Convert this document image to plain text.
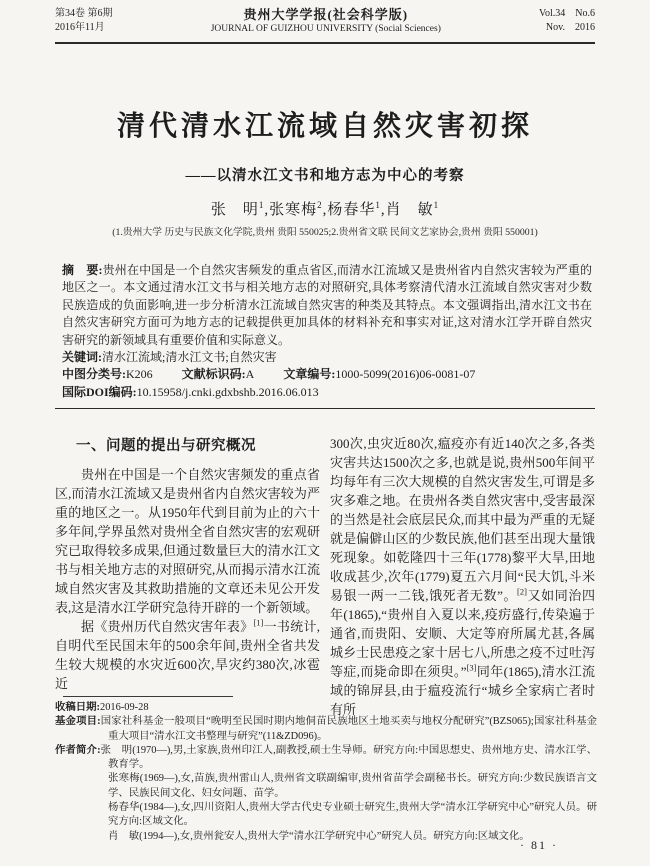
第34卷 第6期
2016年11月
贵州大学学报(社会科学版)
JOURNAL OF GUIZHOU UNIVERSITY (Social Sciences)
Vol.34　No.6
Nov.　2016
清代清水江流域自然灾害初探
——以清水江文书和地方志为中心的考察
张　明$^1$,张寒梅$^2$,杨春华$^1$,肖　敏$^1$
(1.贵州大学 历史与民族文化学院,贵州 贵阳 550025;2.贵州省文联 民间文艺家协会,贵州 贵阳 550001)

摘　要:贵州在中国是一个自然灾害频发的重点省区,而清水江流域又是贵州省内自然灾害较为严重的地区之一。本文通过清水江文书与相关地方志的对照研究,具体考察清代清水江流域自然灾害对少数民族造成的负面影响,进一步分析清水江流域自然灾害的种类及其特点。本文强调指出,清水江文书在自然灾害研究方面可为地方志的记载提供更加具体的材料补充和事实对证,这对清水江学开辟自然灾害研究的新领域具有重要价值和实际意义。

关键词:清水江流域;清水江文书;自然灾害

中图分类号:K206 文献标识码:A 文章编号:1000-5099(2016)06-0081-07

国际DOI编码:10.15958/j.cnki.gdxbshb.2016.06.013

一、问题的提出与研究概况

贵州在中国是一个自然灾害频发的重点省区,而清水江流域又是贵州省内自然灾害较为严重的地区之一。从1950年代到目前为止的六十多年间,学界虽然对贵州全省自然灾害的宏观研究已取得较多成果,但通过数量巨大的清水江文书与相关地方志的对照研究,从而揭示清水江流域自然灾害及其救助措施的文章还未见公开发表,这是清水江学研究急待开辟的一个新领域。

据《贵州历代自然灾害年表》[1]一书统计,自明代至民国末年的500余年间,贵州全省共发生较大规模的水灾近600次,旱灾约380次,冰雹近

300次,虫灾近80次,瘟疫亦有近140次之多,各类灾害共达1500次之多,也就是说,贵州500年间平均每年有三次大规模的自然灾害发生,可谓是多灾多难之地。在贵州各类自然灾害中,受害最深的当然是社会底层民众,而其中最为严重的无疑就是偏僻山区的少数民族,他们甚至出现大量饿死现象。如乾隆四十三年(1778)黎平大旱,田地收成甚少,次年(1779)夏五六月间“民大饥,斗米易银一两一二钱,饿死者无数”。[2]又如同治四年(1865),“贵州自入夏以来,疫疠盛行,传染遍于通省,而贵阳、安顺、大定等府所属尤甚,各属城乡士民患疫之家十居七八,所患之疫不过吐泻等症,而毙命即在须臾。”[3]同年(1865),清水江流域的锦屏县,由于瘟疫流行“城乡全家病亡者时有所

收稿日期:2016-09-28

基金项目:国家社科基金一般项目“晚明至民国时期内地侗苗民族地区土地买卖与地权分配研究”(BZS065);国家社科基金重大项目“清水江文书整理与研究”(11&ZD096)。

作者简介:张　明(1970—),男,土家族,贵州印江人,副教授,硕士生导师。研究方向:中国思想史、贵州地方史、清水江学、教育学。

张寒梅(1969—),女,苗族,贵州雷山人,贵州省文联副编审,贵州省苗学会副秘书长。研究方向:少数民族语言文学、民族民间文化、妇女问题、苗学。

杨春华(1984—),女,四川资阳人,贵州大学古代史专业硕士研究生,贵州大学“清水江学研究中心”研究人员。研究方向:区域文化。

肖　敏(1994—),女,贵州瓮安人,贵州大学“清水江学研究中心”研究人员。研究方向:区域文化。

· 81 ·
